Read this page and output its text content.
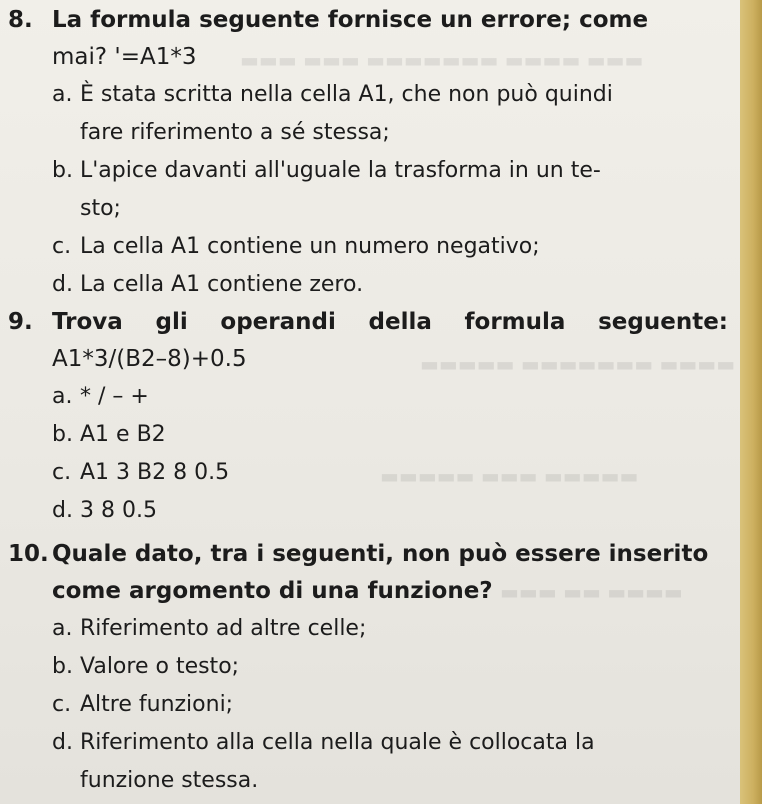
▬▬▬ ▬▬▬▬ ▬▬▬▬▬▬▬ ▬▬▬ ▬▬▬
▬▬▬▬ ▬▬▬▬▬▬▬ ▬▬▬▬▬
▬▬▬▬▬ ▬▬▬ ▬▬▬▬▬
▬▬▬▬ ▬▬ ▬▬▬
8. La formula seguente fornisce un errore; come
mai? '=A1*3
a. È stata scritta nella cella A1, che non può quindi
fare riferimento a sé stessa;
b. L'apice davanti all'uguale la trasforma in un te-
sto;
c. La cella A1 contiene un numero negativo;
d. La cella A1 contiene zero.
9. Trova gli operandi della formula seguente:
A1*3/(B2–8)+0.5
a. * / – +
b. A1 e B2
c. A1 3 B2 8 0.5
d. 3 8 0.5
10. Quale dato, tra i seguenti, non può essere inserito
come argomento di una funzione?
a. Riferimento ad altre celle;
b. Valore o testo;
c. Altre funzioni;
d. Riferimento alla cella nella quale è collocata la
funzione stessa.
